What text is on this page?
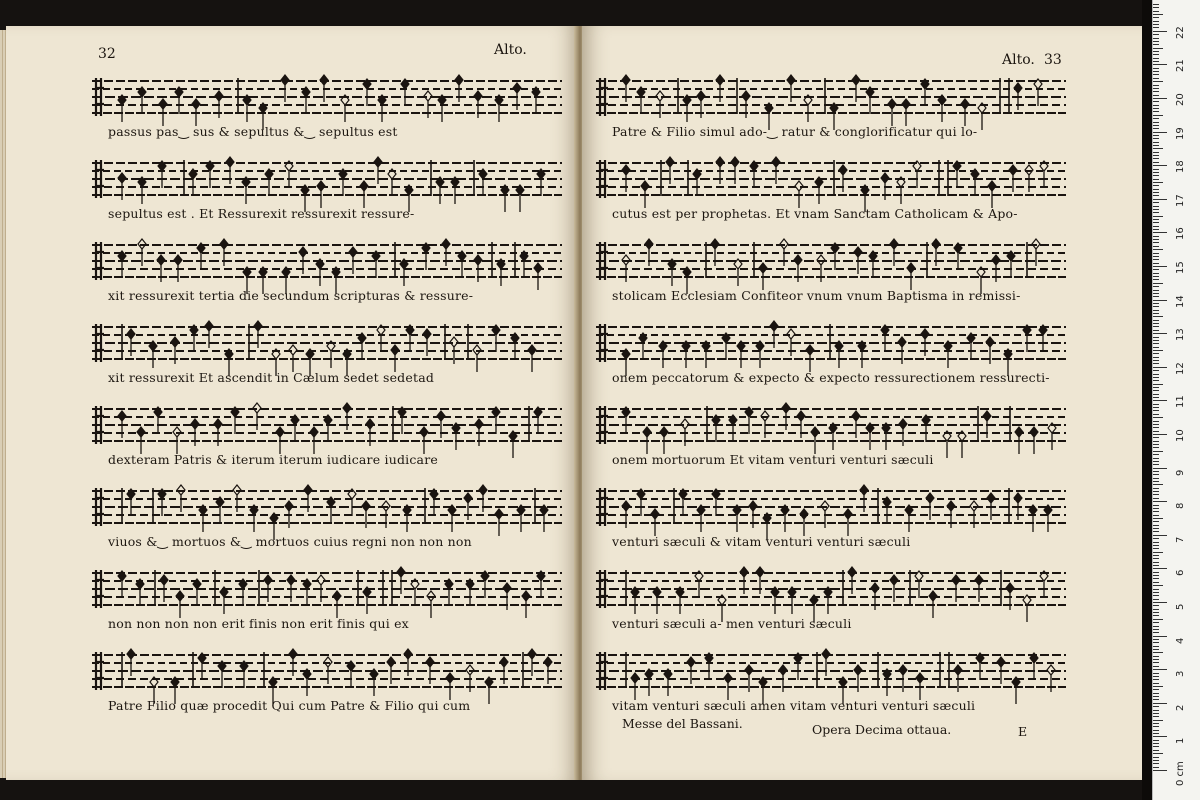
32	Alto.
passus pas‿ sus & sepultus &‿ sepultus est
sepultus est . Et Ressurexit ressurexit ressure-
xit ressurexit tertia die secundum scripturas & ressure-
xit ressurexit Et ascendit in Cælum sedet sedetad
dexteram Patris & iterum iterum iudicare iudicare
viuos &‿ mortuos &‿ mortuos cuius regni non non non
non non non non erit finis non erit finis qui ex
Patre Filio quæ procedit Qui cum Patre & Filio qui cum
Alto. 33
Patre & Filio simul ado-‿ ratur & conglorificatur qui lo-
cutus est per prophetas. Et vnam Sanctam Catholicam & Apo-
stolicam Ecclesiam Confiteor vnum vnum Baptisma in remissi-
onem peccatorum & expecto & expecto ressurectionem ressurecti-
onem mortuorum Et vitam venturi venturi sæculi
venturi sæculi & vitam venturi venturi sæculi
venturi sæculi a- men venturi sæculi
vitam venturi sæculi amen vitam venturi venturi sæculi
Messe del Bassani.	Opera Decima ottaua.	E
0 cm
1
2
3
4
5
6
7
8
9
10
11
12
13
14
15
16
17
18
19
20
21
22
